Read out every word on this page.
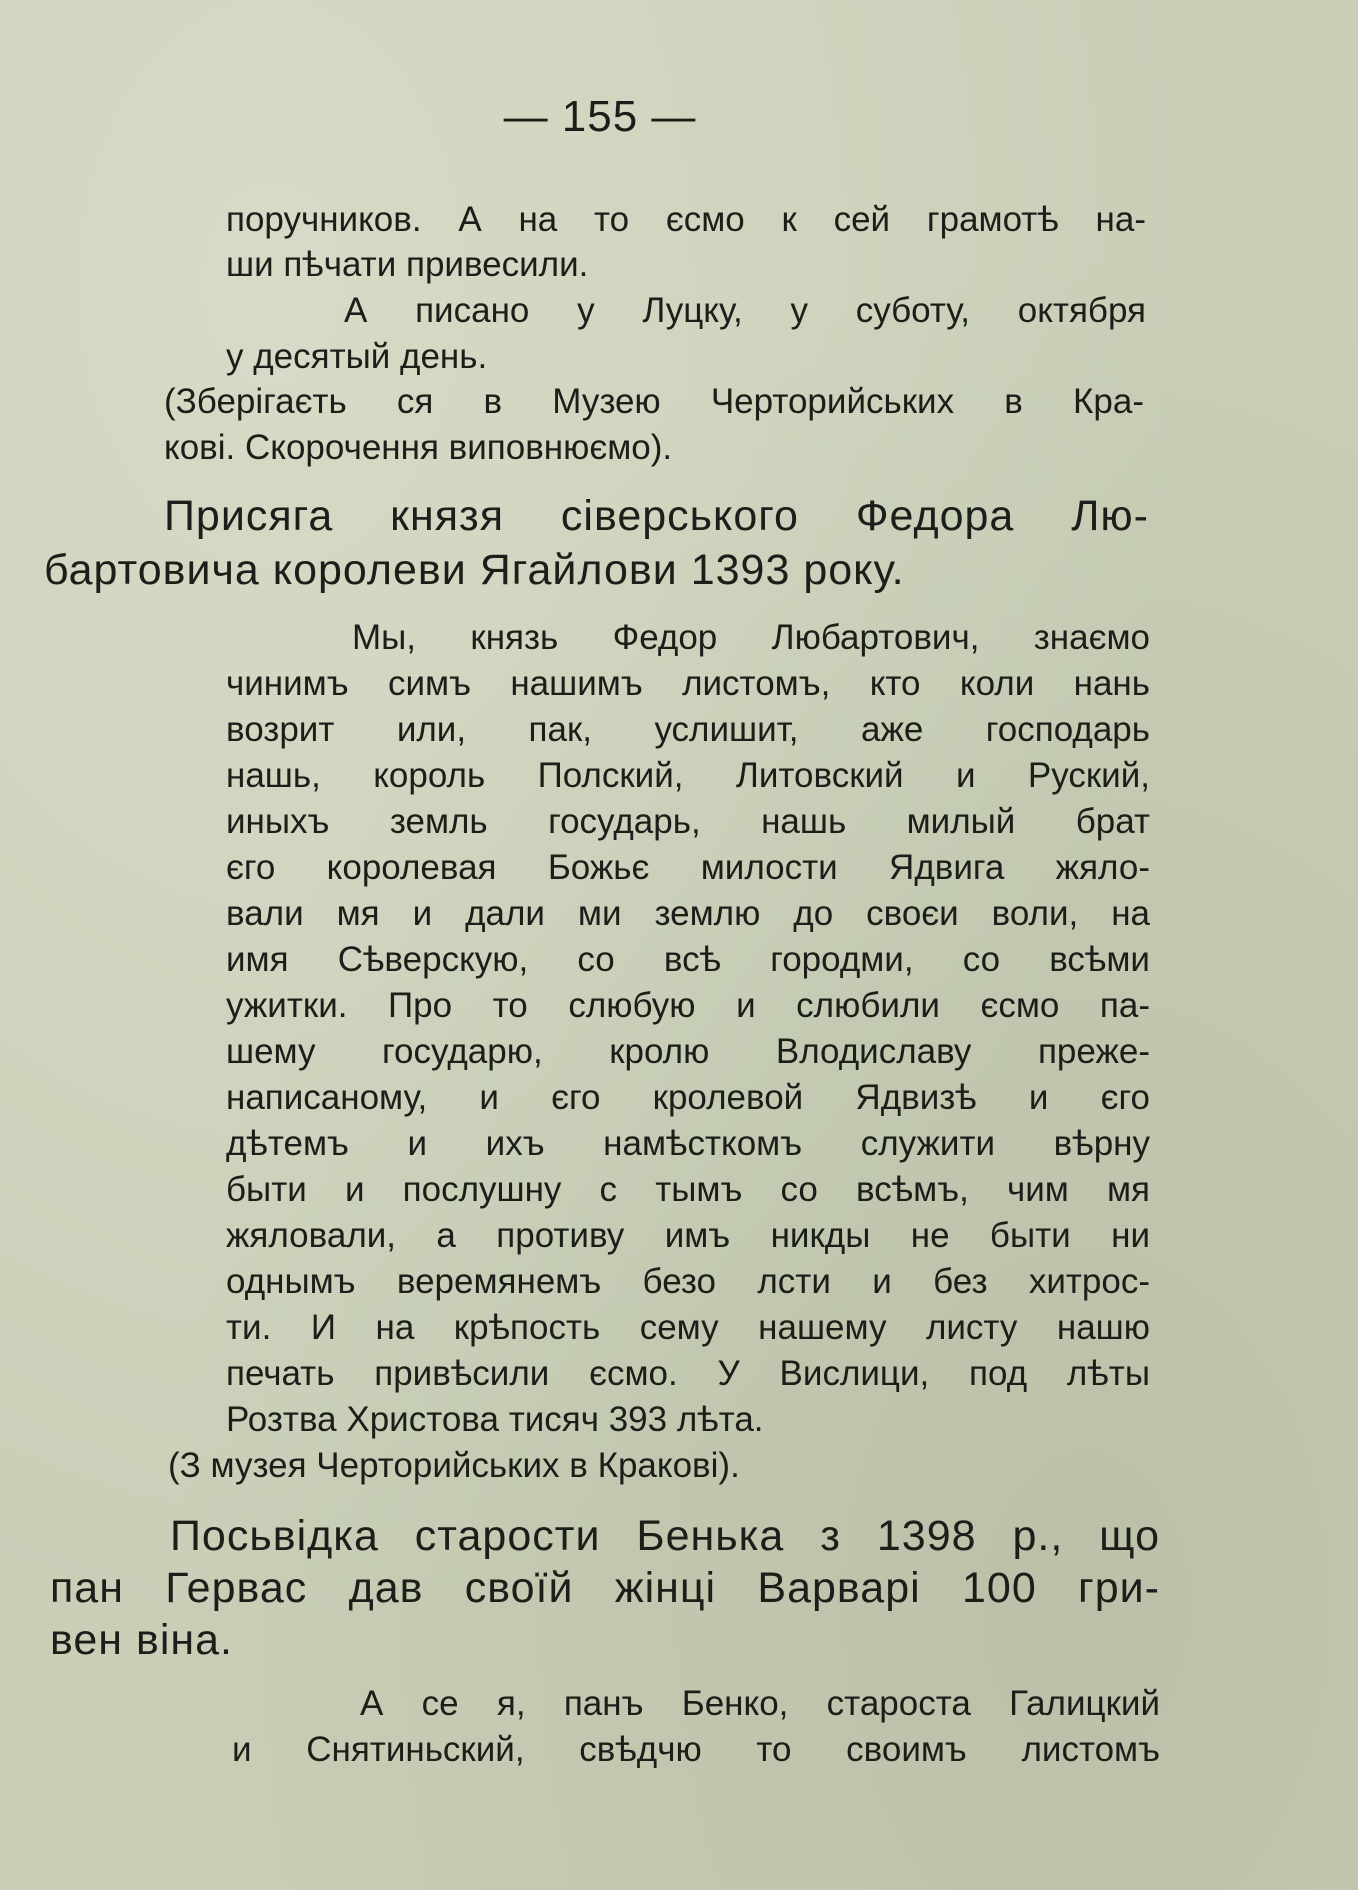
— 155 —
поручников. А на то єсмо к сей грамотѣ на-
ши пѣчати привесили.
А писано у Луцку, у суботу, октября
у десятый день.
(Зберігаєть ся в Музею Черторийських в Кра-
кові. Скорочення виповнюємо).
Присяга князя сіверського Федора Лю-
бартовича королеви Ягайлови 1393 року.
Мы, князь Федор Любартович, знаємо
чинимъ симъ нашимъ листомъ, кто коли нань
возрит или, пак, услишит, аже господарь
нашь, король Полский, Литовский и Руский,
иныхъ земль государь, нашь милый брат
єго королевая Божьє милости Ядвига жяло-
вали мя и дали ми землю до своєи воли, на
имя Сѣверскую, со всѣ городми, со всѣми
ужитки. Про то слюбую и слюбили єсмо па-
шему государю, кролю Влодиславу преже-
написаному, и єго кролевой Ядвизѣ и єго
дѣтемъ и ихъ намѣсткомъ служити вѣрну
быти и послушну с тымъ со всѣмъ, чим мя
жяловали, а противу имъ никды не быти ни
однымъ веремянемъ безо лсти и без хитрос-
ти. И на крѣпость сему нашему листу нашю
печать привѣсили єсмо. У Вислици, под лѣты
Розтва Христова тисяч 393 лѣта.
(З музея Черторийських в Кракові).
Посьвідка старости Бенька з 1398 р., що
пан Гервас дав своїй жінці Варварі 100 гри-
вен віна.
А се я, панъ Бенко, староста Галицкий
и Снятиньский, свѣдчю то своимъ листомъ
